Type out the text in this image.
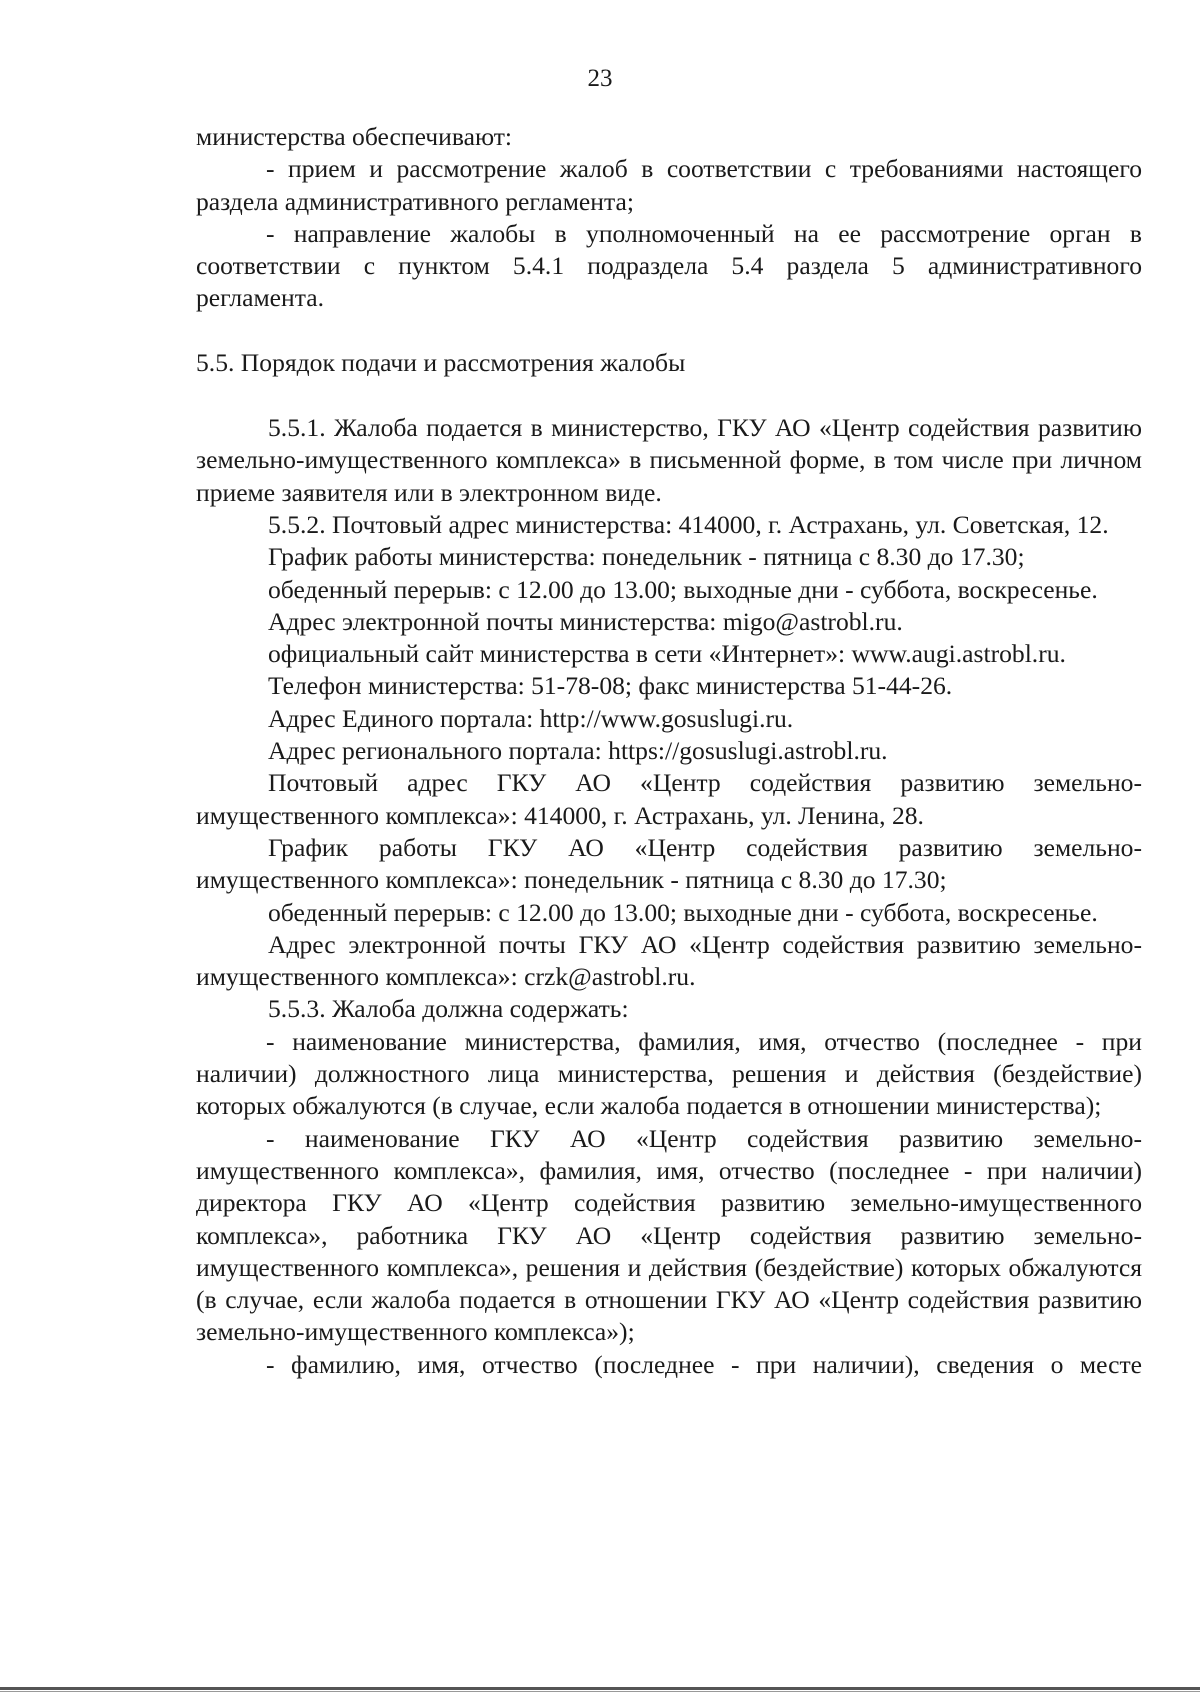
23

министерства обеспечивают:

- прием и рассмотрение жалоб в соответствии с требованиями настоящего раздела административного регламента;

- направление жалобы в уполномоченный на ее рассмотрение орган в соответствии с пунктом 5.4.1 подраздела 5.4 раздела 5 административного регламента.

5.5. Порядок подачи и рассмотрения жалобы

5.5.1. Жалоба подается в министерство, ГКУ АО «Центр содействия развитию земельно-имущественного комплекса» в письменной форме, в том числе при личном приеме заявителя или в электронном виде.

5.5.2. Почтовый адрес министерства: 414000, г. Астрахань, ул. Советская, 12.

График работы министерства: понедельник - пятница с 8.30 до 17.30;

обеденный перерыв: с 12.00 до 13.00; выходные дни - суббота, воскресенье.

Адрес электронной почты министерства: migo@astrobl.ru.

официальный сайт министерства в сети «Интернет»: www.augi.astrobl.ru.

Телефон министерства: 51-78-08; факс министерства 51-44-26.

Адрес Единого портала: http://www.gosuslugi.ru.

Адрес регионального портала: https://gosuslugi.astrobl.ru.

Почтовый адрес ГКУ АО «Центр содействия развитию земельно-имущественного комплекса»: 414000, г. Астрахань, ул. Ленина, 28.

График работы ГКУ АО «Центр содействия развитию земельно-имущественного комплекса»: понедельник - пятница с 8.30 до 17.30;

обеденный перерыв: с 12.00 до 13.00; выходные дни - суббота, воскресенье.

Адрес электронной почты ГКУ АО «Центр содействия развитию земельно-имущественного комплекса»: crzk@astrobl.ru.

5.5.3. Жалоба должна содержать:

- наименование министерства, фамилия, имя, отчество (последнее - при наличии) должностного лица министерства, решения и действия (бездействие) которых обжалуются (в случае, если жалоба подается в отношении министерства);

- наименование ГКУ АО «Центр содействия развитию земельно-имущественного комплекса», фамилия, имя, отчество (последнее - при наличии) директора ГКУ АО «Центр содействия развитию земельно-имущественного комплекса», работника ГКУ АО «Центр содействия развитию земельно-имущественного комплекса», решения и действия (бездействие) которых обжалуются (в случае, если жалоба подается в отношении ГКУ АО «Центр содействия развитию земельно-имущественного комплекса»);

- фамилию, имя, отчество (последнее - при наличии), сведения о месте
